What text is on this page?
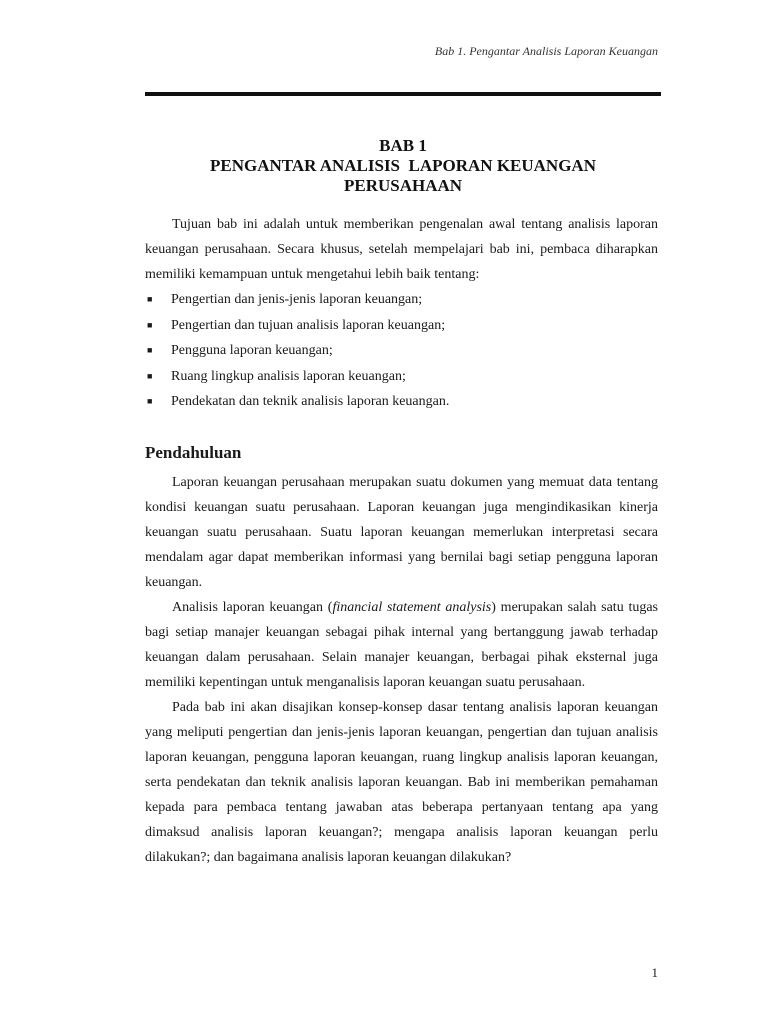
Bab 1. Pengantar Analisis Laporan Keuangan
BAB 1
PENGANTAR ANALISIS  LAPORAN KEUANGAN
PERUSAHAAN

Tujuan bab ini adalah untuk memberikan pengenalan awal tentang analisis laporan keuangan perusahaan. Secara khusus, setelah mempelajari bab ini, pembaca diharapkan memiliki kemampuan untuk mengetahui lebih baik tentang:

■ Pengertian dan jenis-jenis laporan keuangan;
■ Pengertian dan tujuan analisis laporan keuangan;
■ Pengguna laporan keuangan;
■ Ruang lingkup analisis laporan keuangan;
■ Pendekatan dan teknik analisis laporan keuangan.
Pendahuluan

Laporan keuangan perusahaan merupakan suatu dokumen yang memuat data tentang kondisi keuangan suatu perusahaan. Laporan keuangan juga mengindikasikan kinerja keuangan suatu perusahaan. Suatu laporan keuangan memerlukan interpretasi secara mendalam agar dapat memberikan informasi yang bernilai bagi setiap pengguna laporan keuangan.

Analisis laporan keuangan (financial statement analysis) merupakan salah satu tugas bagi setiap manajer keuangan sebagai pihak internal yang bertanggung jawab terhadap keuangan dalam perusahaan. Selain manajer keuangan, berbagai pihak eksternal juga memiliki kepentingan untuk menganalisis laporan keuangan suatu perusahaan.

Pada bab ini akan disajikan konsep-konsep dasar tentang analisis laporan keuangan yang meliputi pengertian dan jenis-jenis laporan keuangan, pengertian dan tujuan analisis laporan keuangan, pengguna laporan keuangan, ruang lingkup analisis laporan keuangan, serta pendekatan dan teknik analisis laporan keuangan. Bab ini memberikan pemahaman kepada para pembaca tentang jawaban atas beberapa pertanyaan tentang apa yang dimaksud analisis laporan keuangan?; mengapa analisis laporan keuangan perlu dilakukan?; dan bagaimana analisis laporan keuangan dilakukan?

1
